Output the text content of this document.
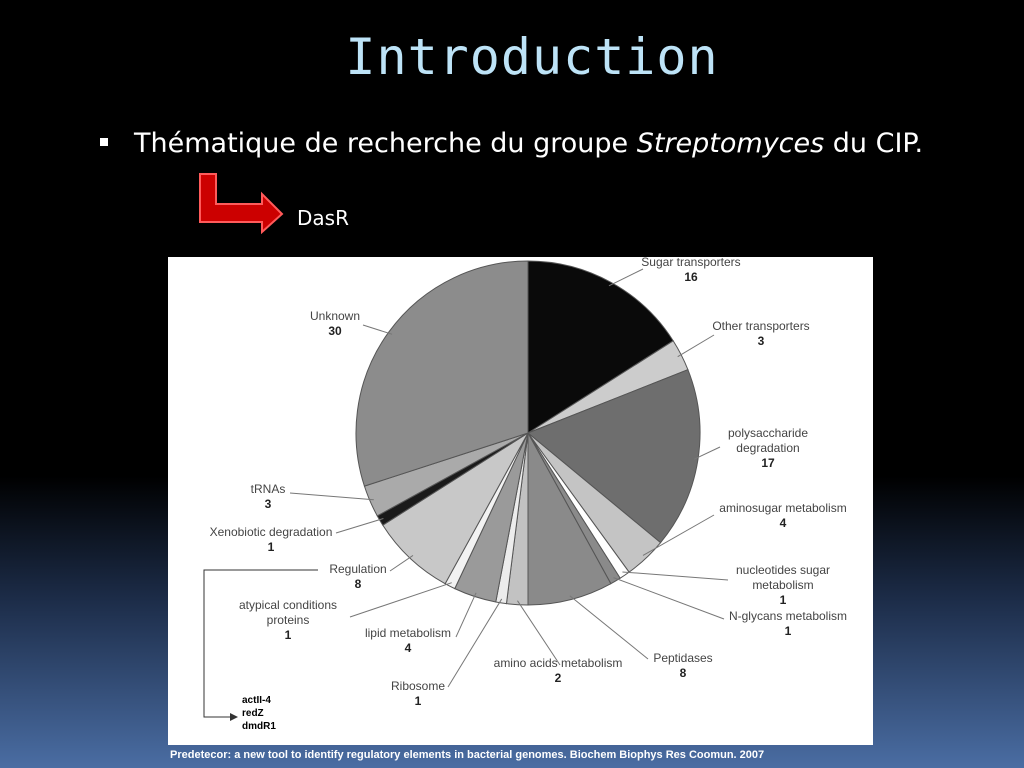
Introduction
Thématique de recherche du groupe Streptomyces du CIP.
DasR
Sugar transporters 16
Other transporters 3
polysaccharide degradation 17
aminosugar metabolism 4
nucleotides sugar metabolism 1
N-glycans metabolism 1
Peptidases 8
amino acids metabolism 2
Ribosome 1
lipid metabolism 4
atypical conditions proteins 1
Regulation 8
Xenobiotic degradation 1
tRNAs 3
Unknown 30
actII-4
redZ
dmdR1
Predetecor: a new tool to identify regulatory elements in bacterial genomes. Biochem Biophys Res Coomun. 2007
